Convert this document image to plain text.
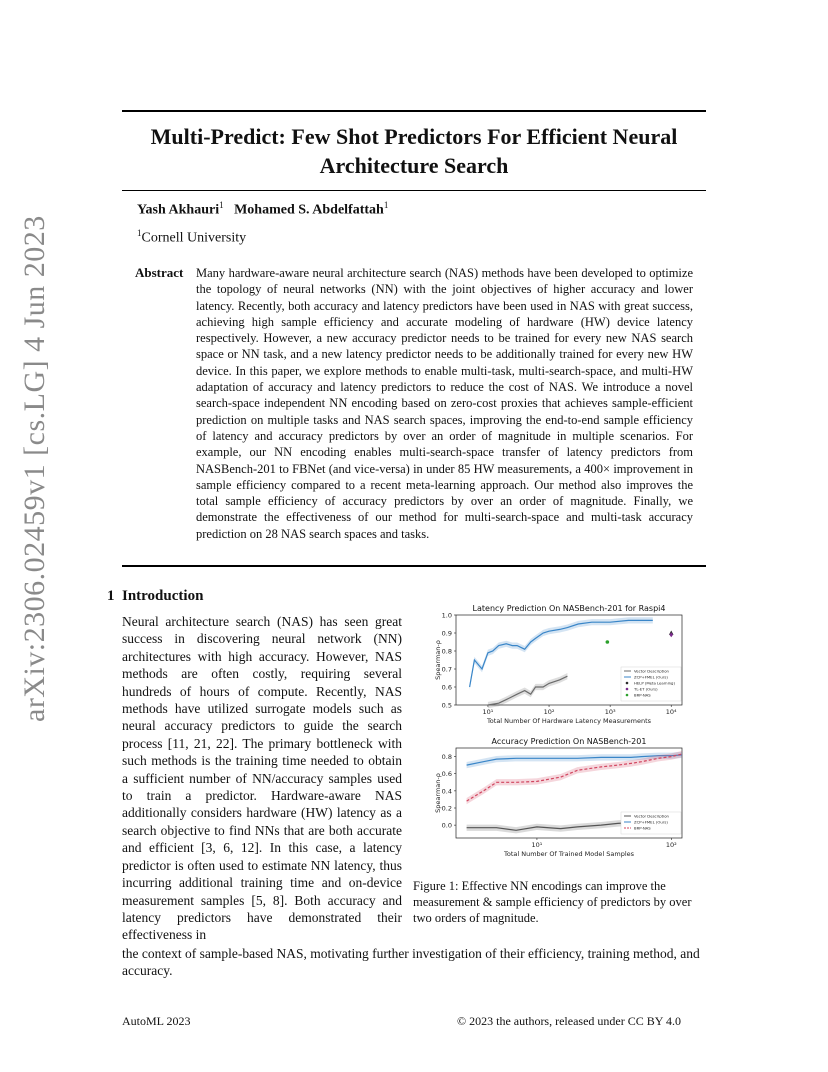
arXiv:2306.02459v1 [cs.LG] 4 Jun 2023
Multi-Predict: Few Shot Predictors For Efficient Neural Architecture Search
Yash Akhauri$^1$ Mohamed S. Abdelfattah$^1$
$^1$Cornell University
Abstract Many hardware-aware neural architecture search (NAS) methods have been developed to optimize the topology of neural networks (NN) with the joint objectives of higher accuracy and lower latency. Recently, both accuracy and latency predictors have been used in NAS with great success, achieving high sample efficiency and accurate modeling of hardware (HW) device latency respectively. However, a new accuracy predictor needs to be trained for every new NAS search space or NN task, and a new latency predictor needs to be additionally trained for every new HW device. In this paper, we explore methods to enable multi-task, multi-search-space, and multi-HW adaptation of accuracy and latency predictors to reduce the cost of NAS. We introduce a novel search-space independent NN encoding based on zero-cost proxies that achieves sample-efficient prediction on multiple tasks and NAS search spaces, improving the end-to-end sample efficiency of latency and accuracy predictors by over an order of magnitude in multiple scenarios. For example, our NN encoding enables multi-search-space transfer of latency predictors from NASBench-201 to FBNet (and vice-versa) in under 85 HW measurements, a 400× improvement in sample efficiency compared to a recent meta-learning approach. Our method also improves the total sample efficiency of accuracy predictors by over an order of magnitude. Finally, we demonstrate the effectiveness of our method for multi-search-space and multi-task accuracy prediction on 28 NAS search spaces and tasks.
1 Introduction
Neural architecture search (NAS) has seen great success in discovering neural network (NN) architectures with high accuracy. However, NAS methods are often costly, requiring several hundreds of hours of compute. Recently, NAS methods have utilized surrogate models such as neural accuracy predictors to guide the search process [11, 21, 22]. The primary bottleneck with such methods is the training time needed to obtain a sufficient number of NN/accuracy samples used to train a predictor. Hardware-aware NAS additionally considers hardware (HW) latency as a search objective to find NNs that are both accurate and efficient [3, 6, 12]. In this case, a latency predictor is often used to estimate NN latency, thus incurring additional training time and on-device measurement samples [5, 8]. Both accuracy and latency predictors have demonstrated their effectiveness in
the context of sample-based NAS, motivating further investigation of their efficiency, training method, and accuracy.
Latency Prediction On NASBench-201 for Raspi4
0.5
0.6
0.7
0.8
0.9
1.0
10¹	10²	10³	10⁴
Total Number Of Hardware Latency Measurements
Spearman-ρ	Vector Description
ZCP+FMEL (Ours)
HELP (Meta Learning)
TL-ET (Ours)
BRP-NAS
Accuracy Prediction On NASBench-201
0.0
0.2
0.4
0.6
0.8
10¹	10²
Total Number Of Trained Model Samples
Spearman-ρ
Vector Description
ZCP+FMEL (Ours)
BRP-NAS
Figure 1: Effective NN encodings can improve the measurement & sample efficiency of predictors by over two orders of magnitude.
AutoML 2023	© 2023 the authors, released under CC BY 4.0
